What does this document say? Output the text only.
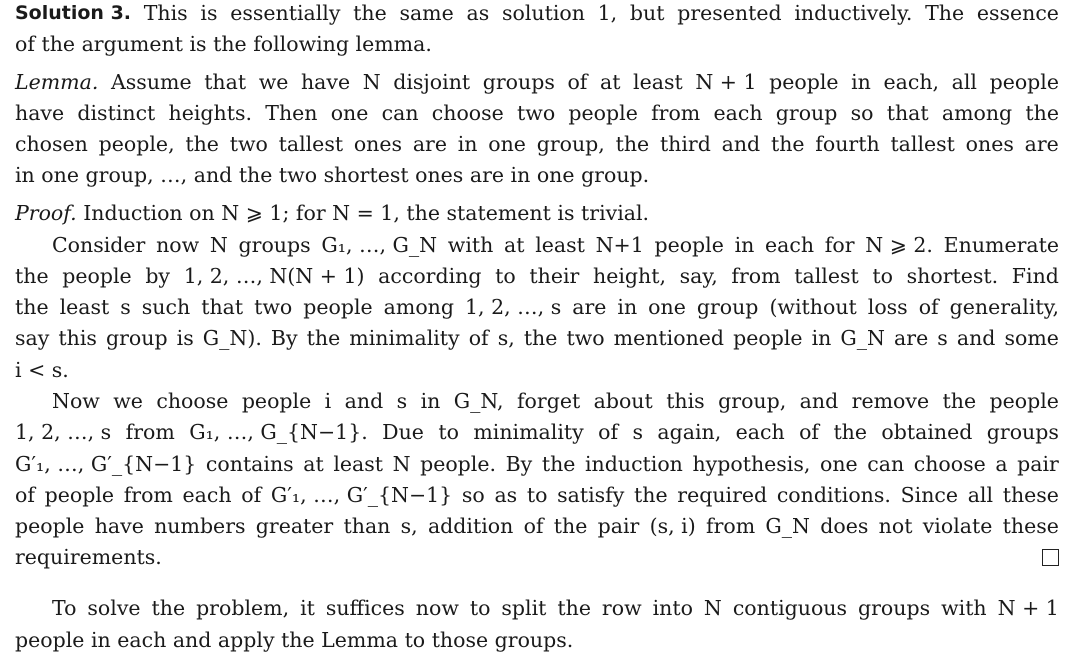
Solution 3. This is essentially the same as solution 1, but presented inductively. The essence
of the argument is the following lemma.
Lemma. Assume that we have N disjoint groups of at least N + 1 people in each, all people
have distinct heights. Then one can choose two people from each group so that among the
chosen people, the two tallest ones are in one group, the third and the fourth tallest ones are
in one group, …, and the two shortest ones are in one group.
Proof. Induction on N ⩾ 1; for N = 1, the statement is trivial.
Consider now N groups G₁, …, G_N with at least N+1 people in each for N ⩾ 2. Enumerate
the people by 1, 2, …, N(N + 1) according to their height, say, from tallest to shortest. Find
the least s such that two people among 1, 2, …, s are in one group (without loss of generality,
say this group is G_N). By the minimality of s, the two mentioned people in G_N are s and some
i < s.
Now we choose people i and s in G_N, forget about this group, and remove the people
1, 2, …, s from G₁, …, G_{N−1}. Due to minimality of s again, each of the obtained groups
G′₁, …, G′_{N−1} contains at least N people. By the induction hypothesis, one can choose a pair
of people from each of G′₁, …, G′_{N−1} so as to satisfy the required conditions. Since all these
people have numbers greater than s, addition of the pair (s, i) from G_N does not violate these
requirements.
To solve the problem, it suffices now to split the row into N contiguous groups with N + 1
people in each and apply the Lemma to those groups.
